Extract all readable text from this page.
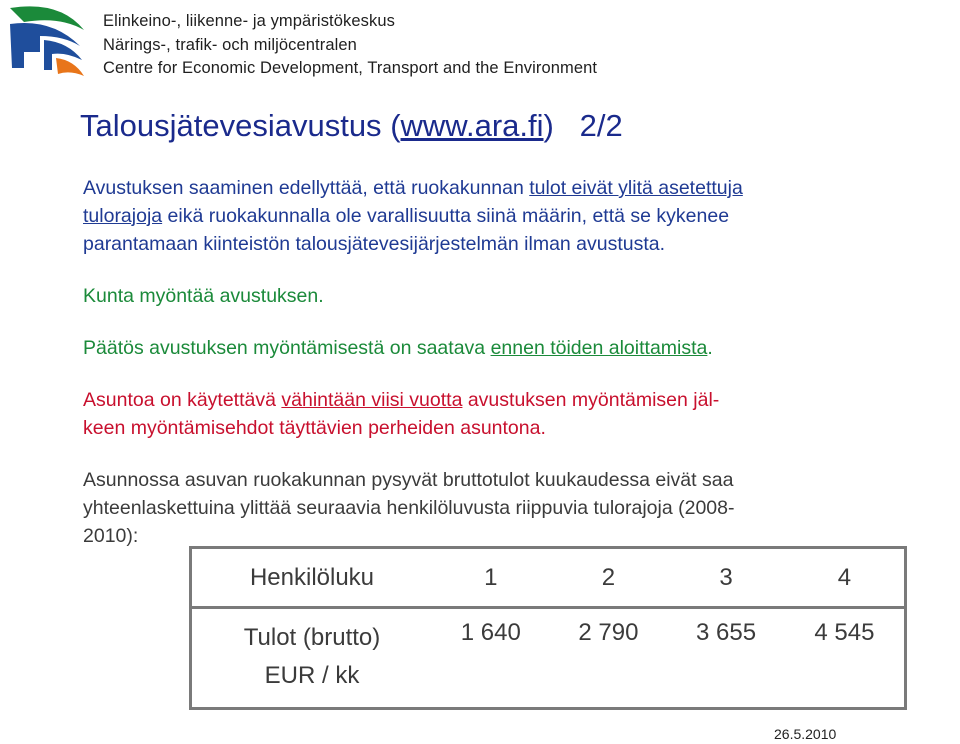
Elinkeino-, liikenne- ja ympäristökeskus
Närings-, trafik- och miljöcentralen
Centre for Economic Development, Transport and the Environment
Talousjätevesiavustus (www.ara.fi) 2/2

Avustuksen saaminen edellyttää, että ruokakunnan tulot eivät ylitä asetettuja
tulorajoja eikä ruokakunnalla ole varallisuutta siinä määrin, että se kykenee
parantamaan kiinteistön talousjätevesijärjestelmän ilman avustusta.

Kunta myöntää avustuksen.

Päätös avustuksen myöntämisestä on saatava ennen töiden aloittamista.

Asuntoa on käytettävä vähintään viisi vuotta avustuksen myöntämisen jäl-
keen myöntämisehdot täyttävien perheiden asuntona.

Asunnossa asuvan ruokakunnan pysyvät bruttotulot kuukaudessa eivät saa
yhteenlaskettuina ylittää seuraavia henkilöluvusta riippuvia tulorajoja (2008-
2010):

Henkilöluku	1	2	3	4
Tulot (brutto)
EUR / kk	1 640	2 790	3 655	4 545
26.5.2010
